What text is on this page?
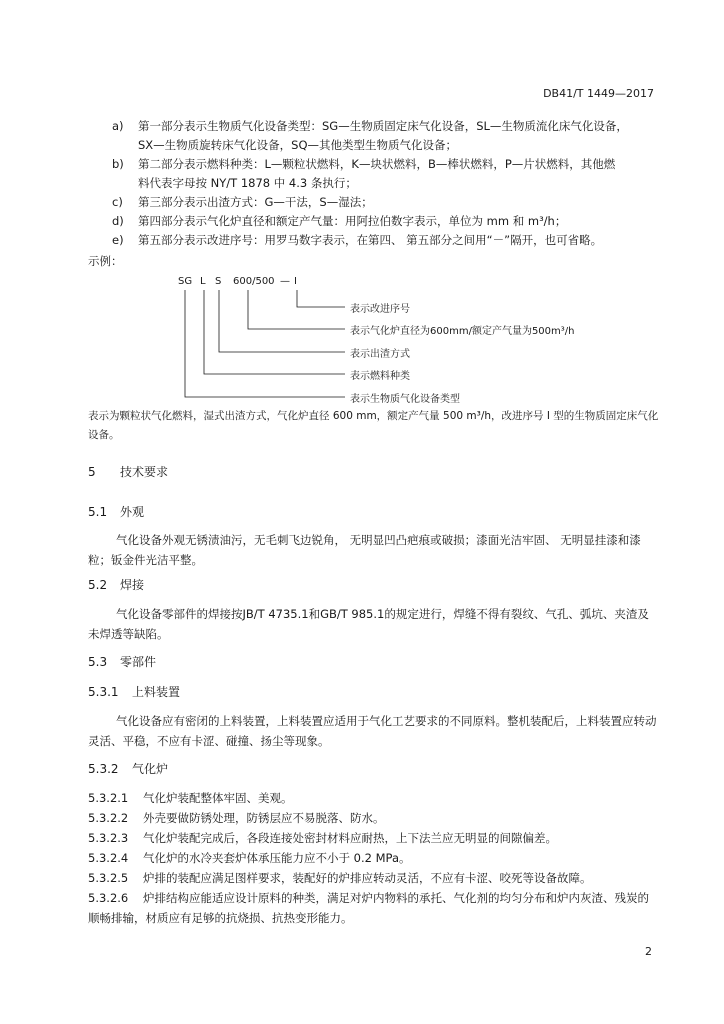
DB41/T 1449—2017
a) 第一部分表示生物质气化设备类型：SG—生物质固定床气化设备，SL—生物质流化床气化设备，
SX—生物质旋转床气化设备，SQ—其他类型生物质气化设备；
b) 第二部分表示燃料种类：L—颗粒状燃料，K—块状燃料，B—棒状燃料，P—片状燃料，其他燃
料代表字母按 NY/T 1878 中 4.3 条执行；
c) 第三部分表示出渣方式：G—干法，S—湿法；
d) 第四部分表示气化炉直径和额定产气量：用阿拉伯数字表示，单位为 mm 和 m³/h；
e) 第五部分表示改进序号：用罗马数字表示，在第四、 第五部分之间用“－”隔开，也可省略。
示例：
SG L S 600/500 — I
表示改进序号
表示气化炉直径为600mm/额定产气量为500m³/h
表示出渣方式
表示燃料种类
表示生物质气化设备类型
表示为颗粒状气化燃料，湿式出渣方式，气化炉直径 600 mm，额定产气量 500 m³/h，改进序号 I 型的生物质固定床气化设备。
5 技术要求
5.1 外观
气化设备外观无锈渍油污，无毛刺飞边锐角， 无明显凹凸疤痕或破损；漆面光洁牢固、 无明显挂漆和漆粒；钣金件光洁平整。
5.2 焊接
气化设备零部件的焊接按JB/T 4735.1和GB/T 985.1的规定进行，焊缝不得有裂纹、气孔、弧坑、夹渣及未焊透等缺陷。
5.3 零部件
5.3.1 上料装置
气化设备应有密闭的上料装置，上料装置应适用于气化工艺要求的不同原料。整机装配后，上料装置应转动灵活、平稳，不应有卡涩、碰撞、扬尘等现象。
5.3.2 气化炉
5.3.2.1 气化炉装配整体牢固、美观。
5.3.2.2 外壳要做防锈处理，防锈层应不易脱落、防水。
5.3.2.3 气化炉装配完成后，各段连接处密封材料应耐热，上下法兰应无明显的间隙偏差。
5.3.2.4 气化炉的水冷夹套炉体承压能力应不小于 0.2 MPa。
5.3.2.5 炉排的装配应满足图样要求，装配好的炉排应转动灵活，不应有卡涩、咬死等设备故障。
5.3.2.6 炉排结构应能适应设计原料的种类，满足对炉内物料的承托、气化剂的均匀分布和炉内灰渣、残炭的顺畅排输，材质应有足够的抗烧损、抗热变形能力。
2
